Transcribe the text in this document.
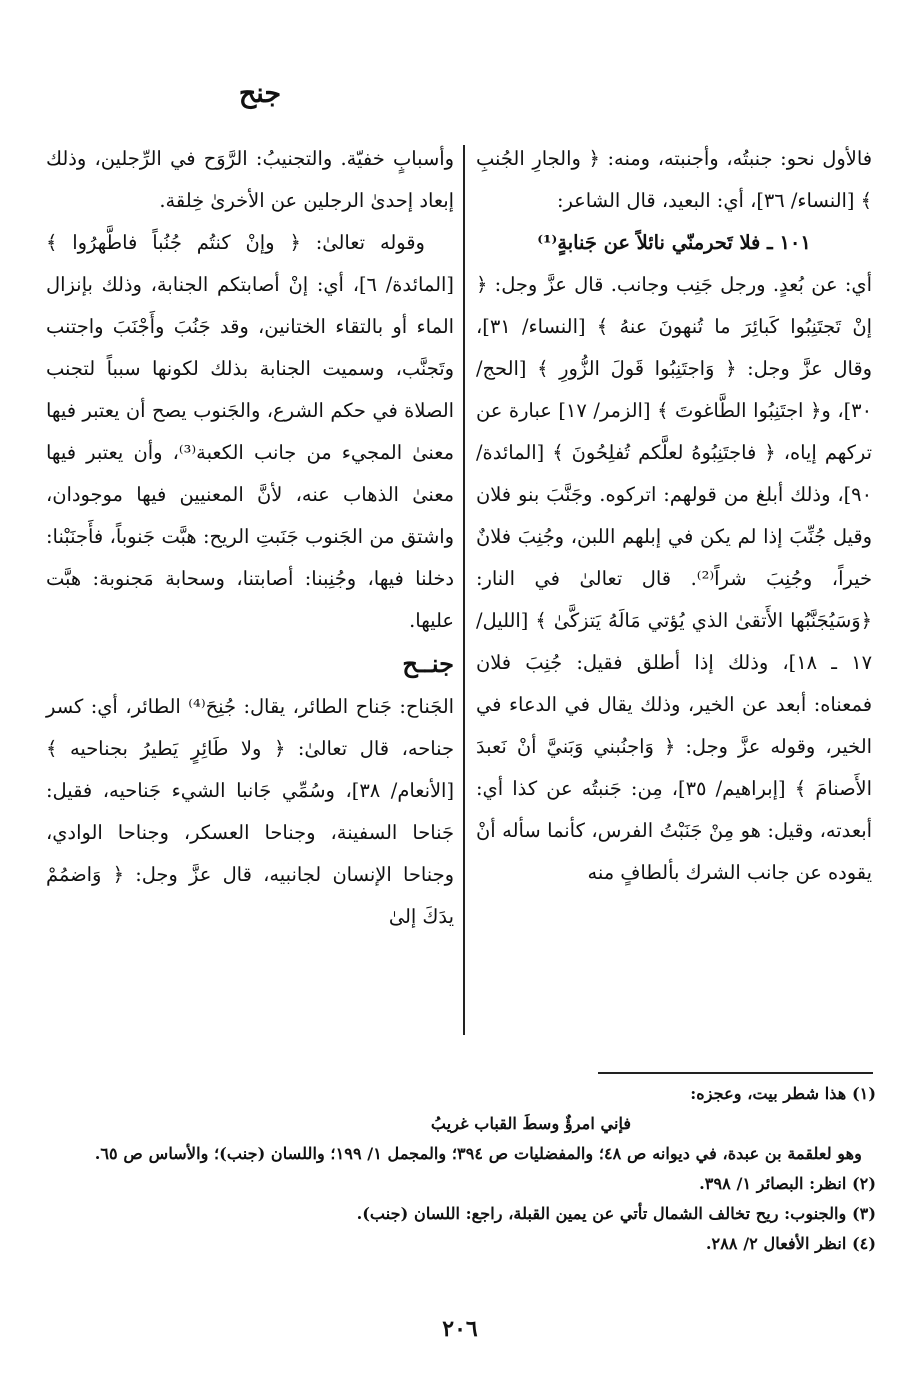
جنح

فالأول نحو: جنبتُه، وأجنبته، ومنه: ﴿ والجارِ الجُنبِ ﴾ [النساء/ ٣٦]، أي: البعيد، قال الشاعر:

١٠١ ـ فلا تَحرمنّي نائلاً عن جَنابةٍ⁽¹⁾

أي: عن بُعدٍ. ورجل جَنِب وجانب. قال عزَّ وجل: ﴿ إنْ تَجتَنِبُوا كَبائِرَ ما تُنهونَ عنهُ ﴾ [النساء/ ٣١]، وقال عزَّ وجل: ﴿ وَاجتَنِبُوا قَولَ الزُّورِ ﴾ [الحج/ ٣٠]، و﴿ اجتَنِبُوا الطَّاغوتَ ﴾ [الزمر/ ١٧] عبارة عن تركهم إياه، ﴿ فاجتَنِبُوهُ لعلَّكم تُفلِحُونَ ﴾ [المائدة/ ٩٠]، وذلك أبلغ من قولهم: اتركوه. وجَنَّبَ بنو فلان وقيل جُنِّبَ إذا لم يكن في إبلهم اللبن، وجُنِبَ فلانٌ خيراً، وجُنِبَ شراً⁽²⁾. قال تعالىٰ في النار: ﴿وَسَيُجَنَّبُها الأَتقىٰ الذي يُؤتي مَالَهُ يَتزكَّىٰ ﴾ [الليل/ ١٧ ـ ١٨]، وذلك إذا أطلق فقيل: جُنِبَ فلان فمعناه: أبعد عن الخير، وذلك يقال في الدعاء في الخير، وقوله عزَّ وجل: ﴿ وَاجنُبني وَبَنيَّ أنْ نَعبدَ الأَصنامَ ﴾ [إبراهيم/ ٣٥]، مِن: جَنبتُه عن كذا أي: أبعدته، وقيل: هو مِنْ جَنَبْتُ الفرس، كأنما سأله أنْ يقوده عن جانب الشرك بألطافٍ منه

وأسبابٍ خفيّة. والتجنيبُ: الرَّوَح في الرِّجلين، وذلك إبعاد إحدىٰ الرجلين عن الأخرىٰ خِلقة.

وقوله تعالىٰ: ﴿ وإنْ كنتُم جُنُباً فاطَّهرُوا ﴾ [المائدة/ ٦]، أي: إنْ أصابتكم الجنابة، وذلك بإنزال الماء أو بالتقاء الختانين، وقد جَنُبَ وأَجْنَبَ واجتنب وتَجنَّب، وسميت الجنابة بذلك لكونها سبباً لتجنب الصلاة في حكم الشرع، والجَنوب يصح أن يعتبر فيها معنىٰ المجيء من جانب الكعبة⁽³⁾، وأن يعتبر فيها معنىٰ الذهاب عنه، لأنَّ المعنيين فيها موجودان، واشتق من الجَنوب جَنَبتِ الريح: هبَّت جَنوباً، فأَجنَبْنا: دخلنا فيها، وجُنِبنا: أصابتنا، وسحابة مَجنوبة: هبَّت عليها.

جنــح

الجَناح: جَناح الطائر، يقال: جُنِحَ⁽⁴⁾ الطائر، أي: كسر جناحه، قال تعالىٰ: ﴿ ولا طَائِرٍ يَطيرُ بجناحيه ﴾ [الأنعام/ ٣٨]، وسُمِّي جَانبا الشيء جَناحيه، فقيل: جَناحا السفينة، وجناحا العسكر، وجناحا الوادي، وجناحا الإنسان لجانبيه، قال عزَّ وجل: ﴿ وَاضمُمْ يدَكَ إلىٰ

(١) هذا شطر بيت، وعجزه:

فإني امرؤٌ وسطَ القباب غريبُ

وهو لعلقمة بن عبدة، في ديوانه ص ٤٨؛ والمفضليات ص ٣٩٤؛ والمجمل ١/ ١٩٩؛ واللسان (جنب)؛ والأساس ص ٦٥.

(٢) انظر: البصائر ١/ ٣٩٨.

(٣) والجنوب: ريح تخالف الشمال تأتي عن يمين القبلة، راجع: اللسان (جنب).

(٤) انظر الأفعال ٢/ ٢٨٨.

٢٠٦
